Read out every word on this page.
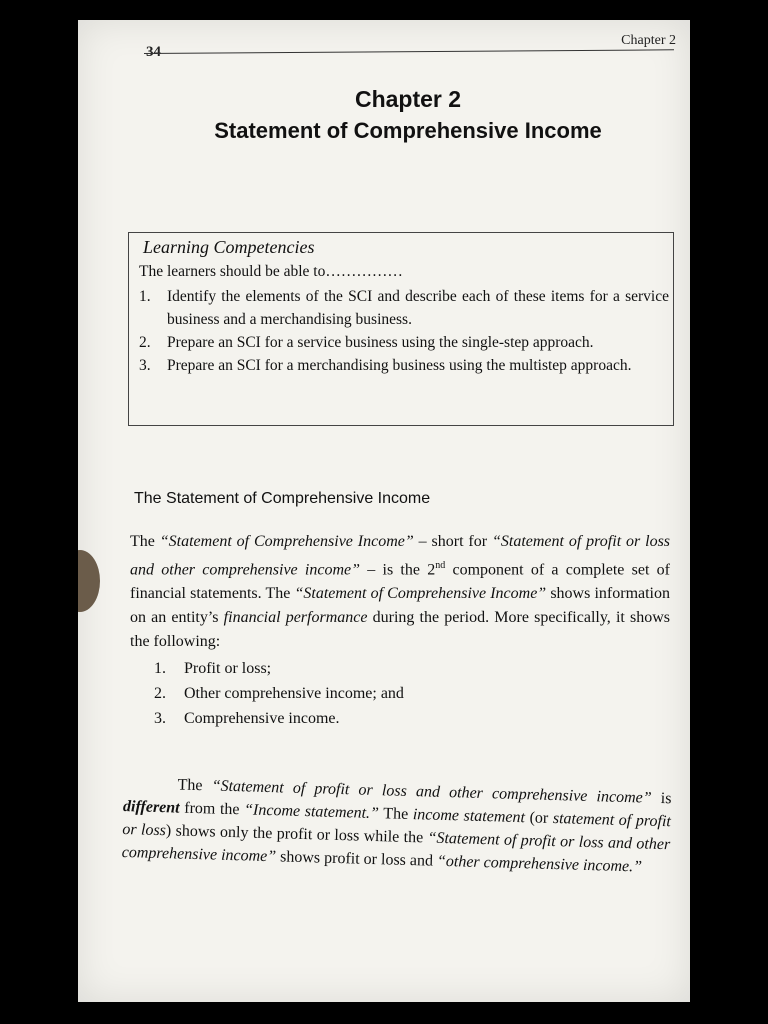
Chapter 2
Chapter 2
Statement of Comprehensive Income
Learning Competencies
The learners should be able to……………
1. Identify the elements of the SCI and describe each of these items for a service business and a merchandising business.
2. Prepare an SCI for a service business using the single-step approach.
3. Prepare an SCI for a merchandising business using the multistep approach.
The Statement of Comprehensive Income

The “Statement of Comprehensive Income” – short for “Statement of profit or loss and other comprehensive income” – is the 2nd component of a complete set of financial statements. The “Statement of Comprehensive Income” shows information on an entity’s financial performance during the period. More specifically, it shows the following:

1. Profit or loss;
2. Other comprehensive income; and
3. Comprehensive income.

The “Statement of profit or loss and other comprehensive income” is different from the “Income statement.” The income statement (or statement of profit or loss) shows only the profit or loss while the “Statement of profit or loss and other comprehensive income” shows profit or loss and “other comprehensive income.”
